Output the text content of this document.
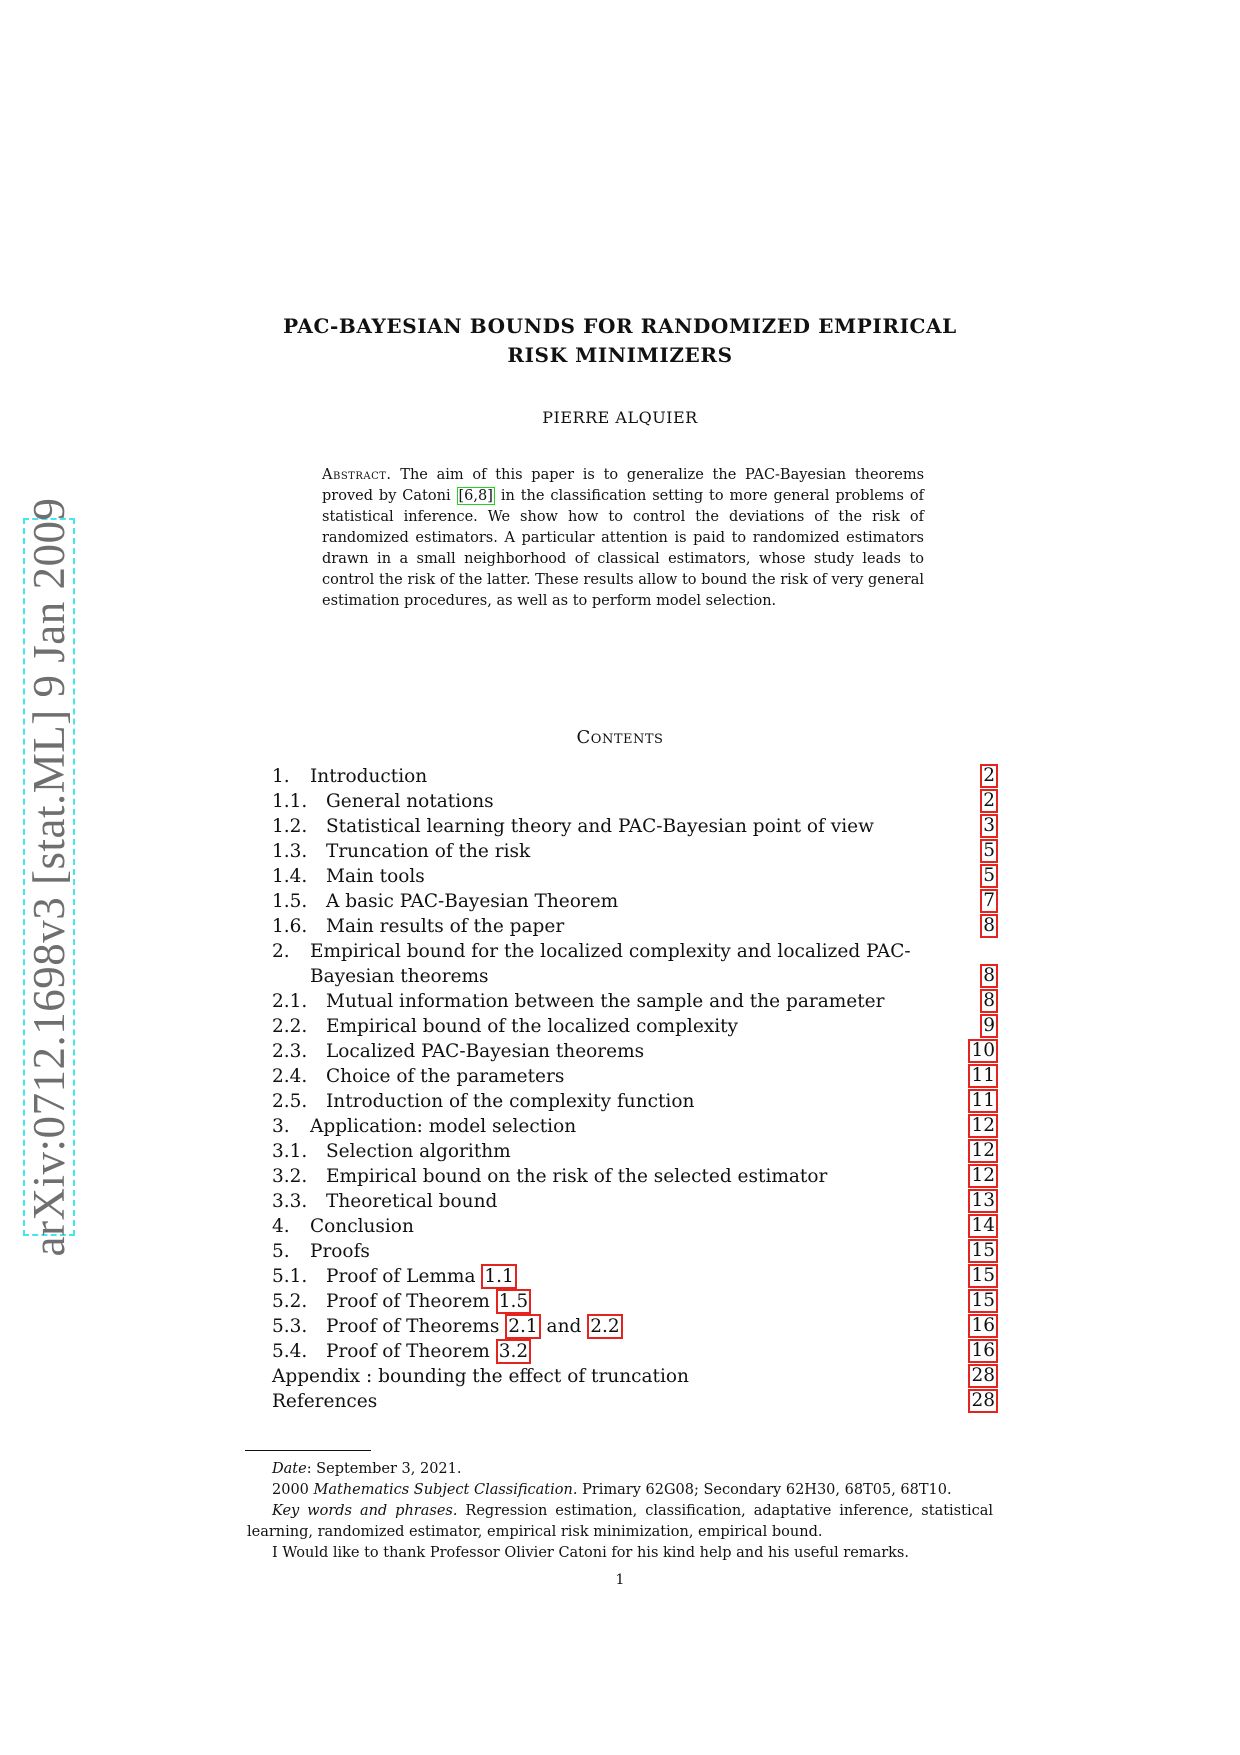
arXiv:0712.1698v3 [stat.ML] 9 Jan 2009
PAC-BAYESIAN BOUNDS FOR RANDOMIZED EMPIRICAL
RISK MINIMIZERS
PIERRE ALQUIER
Abstract. The aim of this paper is to generalize the PAC-Bayesian theorems proved by Catoni [6,8] in the classification setting to more general problems of statistical inference. We show how to control the deviations of the risk of randomized estimators. A particular attention is paid to randomized estimators drawn in a small neighborhood of classical estimators, whose study leads to control the risk of the latter. These results allow to bound the risk of very general estimation procedures, as well as to perform model selection.
Contents
1. Introduction	2
1.1. General notations	2
1.2. Statistical learning theory and PAC-Bayesian point of view	3
1.3. Truncation of the risk	5
1.4. Main tools	5
1.5. A basic PAC-Bayesian Theorem	7
1.6. Main results of the paper	8
2. Empirical bound for the localized complexity and localized PAC-Bayesian theorems	8
2.1. Mutual information between the sample and the parameter	8
2.2. Empirical bound of the localized complexity	9
2.3. Localized PAC-Bayesian theorems	10
2.4. Choice of the parameters	11
2.5. Introduction of the complexity function	11
3. Application: model selection	12
3.1. Selection algorithm	12
3.2. Empirical bound on the risk of the selected estimator	12
3.3. Theoretical bound	13
4. Conclusion	14
5. Proofs	15
5.1. Proof of Lemma 1.1	15
5.2. Proof of Theorem 1.5	15
5.3. Proof of Theorems 2.1 and 2.2	16
5.4. Proof of Theorem 3.2	16
Appendix : bounding the effect of truncation	28
References	28

Date: September 3, 2021.

2000 Mathematics Subject Classification. Primary 62G08; Secondary 62H30, 68T05, 68T10.

Key words and phrases. Regression estimation, classification, adaptative inference, statistical learning, randomized estimator, empirical risk minimization, empirical bound.

I Would like to thank Professor Olivier Catoni for his kind help and his useful remarks.

1
